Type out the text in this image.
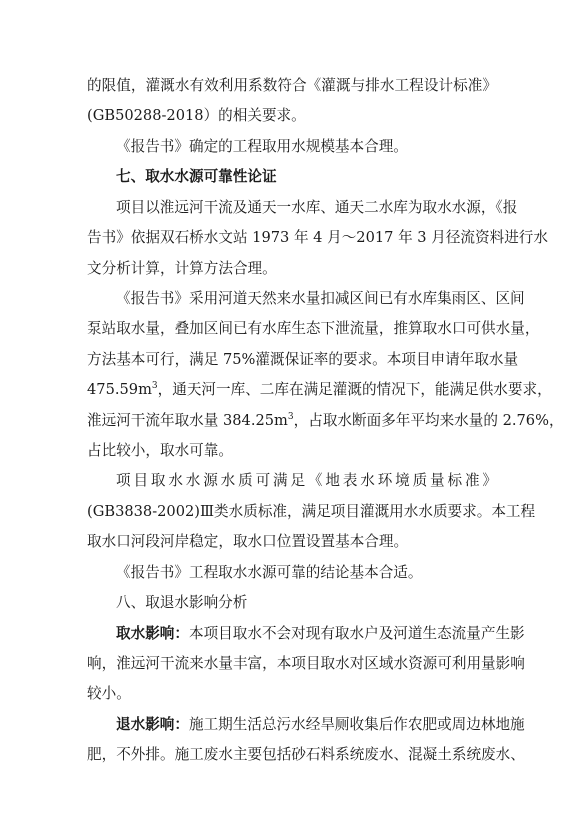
的限值，灌溉水有效利用系数符合《灌溉与排水工程设计标准》
(GB50288-2018）的相关要求。
《报告书》确定的工程取用水规模基本合理。
七、取水水源可靠性论证
项目以淮远河干流及通天一水库、通天二水库为取水水源，《报
告书》依据双石桥水文站 1973 年 4 月～2017 年 3 月径流资料进行水
文分析计算，计算方法合理。
《报告书》采用河道天然来水量扣减区间已有水库集雨区、区间
泵站取水量，叠加区间已有水库生态下泄流量，推算取水口可供水量，
方法基本可行，满足 75%灌溉保证率的要求。本项目申请年取水量
$475.59m^3$，通天河一库、二库在满足灌溉的情况下，能满足供水要求，
淮远河干流年取水量 $384.25m^3$，占取水断面多年平均来水量的 2.76%，
占比较小，取水可靠。
项目取水水源水质可满足《地表水环境质量标准》
(GB3838-2002)Ⅲ类水质标准，满足项目灌溉用水水质要求。本工程
取水口河段河岸稳定，取水口位置设置基本合理。
《报告书》工程取水水源可靠的结论基本合适。
八、取退水影响分析
取水影响：本项目取水不会对现有取水户及河道生态流量产生影
响，淮远河干流来水量丰富，本项目取水对区域水资源可利用量影响
较小。
退水影响：施工期生活总污水经旱厕收集后作农肥或周边林地施
肥，不外排。施工废水主要包括砂石料系统废水、混凝土系统废水、
